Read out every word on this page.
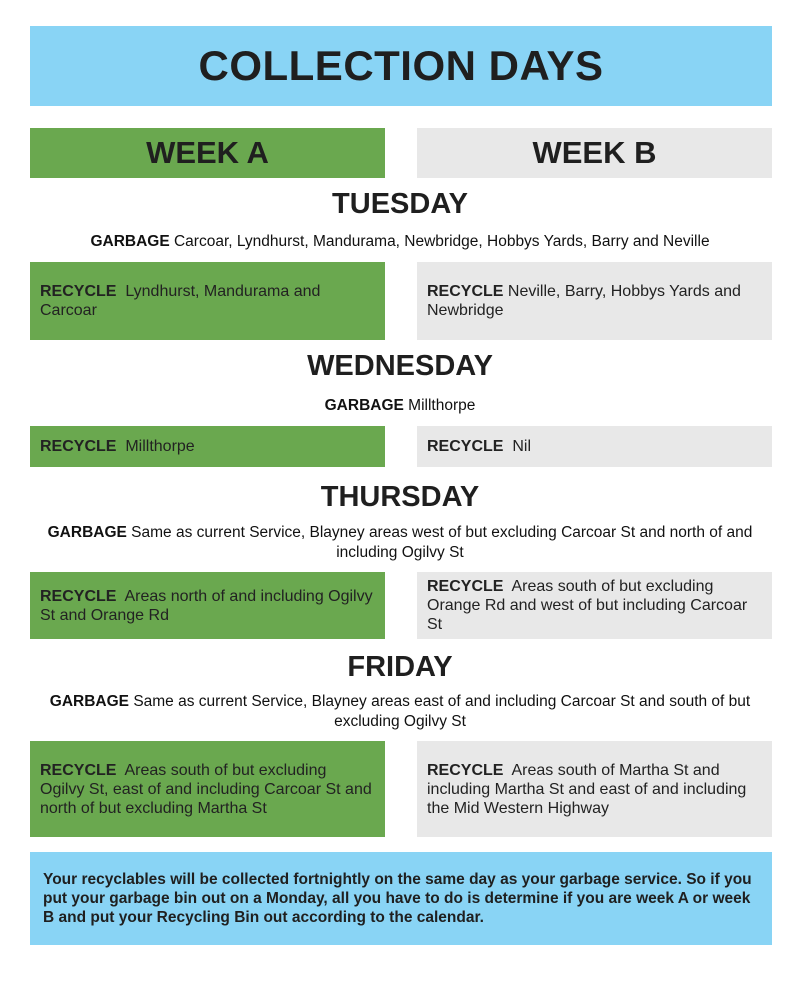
COLLECTION DAYS
WEEK A	WEEK B
TUESDAY
GARBAGE Carcoar, Lyndhurst, Mandurama, Newbridge, Hobbys Yards, Barry and Neville
RECYCLE Lyndhurst, Mandurama and Carcoar
RECYCLE Neville, Barry, Hobbys Yards and Newbridge
WEDNESDAY
GARBAGE Millthorpe
RECYCLE Millthorpe	RECYCLE Nil
THURSDAY
GARBAGE Same as current Service, Blayney areas west of but excluding Carcoar St and north of and including Ogilvy St
RECYCLE Areas north of and including Ogilvy St and Orange Rd
RECYCLE Areas south of but excluding Orange Rd and west of but including Carcoar St
FRIDAY
GARBAGE Same as current Service, Blayney areas east of and including Carcoar St and south of but excluding Ogilvy St
RECYCLE Areas south of but excluding Ogilvy St, east of and including Carcoar St and north of but excluding Martha St
RECYCLE Areas south of Martha St and including Martha St and east of and including the Mid Western Highway
Your recyclables will be collected fortnightly on the same day as your garbage service. So if you put your garbage bin out on a Monday, all you have to do is determine if you are week A or week B and put your Recycling Bin out according to the calendar.
